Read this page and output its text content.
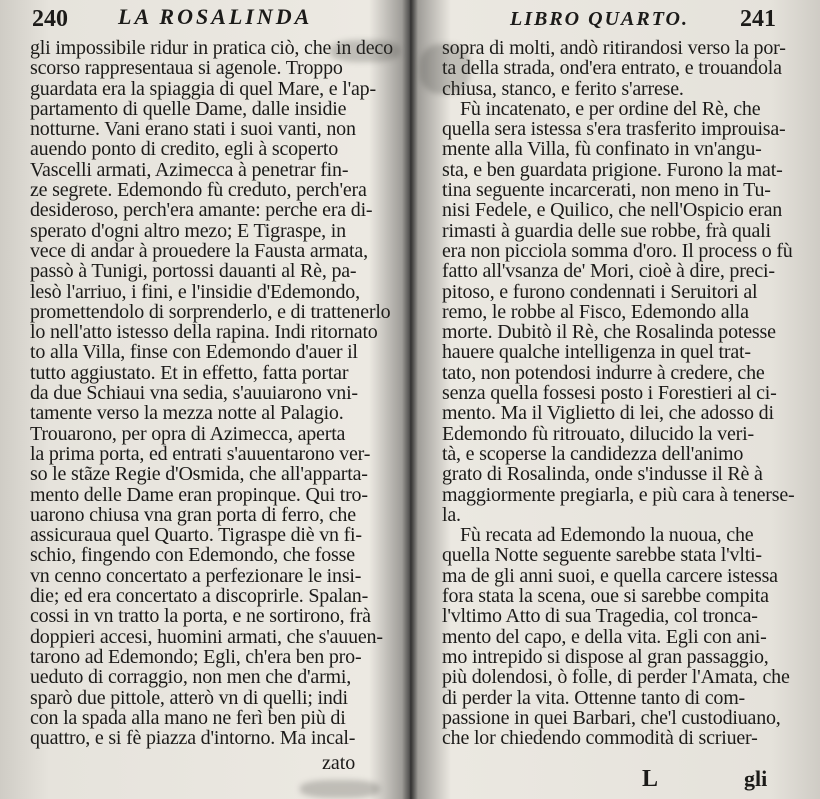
240 LA ROSALINDA
gli impossibile ridur in pratica ciò, che in deco
scorso rappresentaua si agenole. Troppo
guardata era la spiaggia di quel Mare, e l'ap-
partamento di quelle Dame, dalle insidie
notturne. Vani erano stati i suoi vanti, non
auendo ponto di credito, egli à scoperto
Vascelli armati, Azimecca à penetrar fin-
ze segrete. Edemondo fù creduto, perch'era
desideroso, perch'era amante: perche era di-
sperato d'ogni altro mezo; E Tigraspe, in
vece di andar à prouedere la Fausta armata,
passò à Tunigi, portossi dauanti al Rè, pa-
lesò l'arriuo, i fini, e l'insidie d'Edemondo,
promettendolo di sorprenderlo, e di trattenerlo
lo nell'atto istesso della rapina. Indi ritornato
to alla Villa, finse con Edemondo d'auer il
tutto aggiustato. Et in effetto, fatta portar
da due Schiaui vna sedia, s'auuiarono vni-
tamente verso la mezza notte al Palagio.
Trouarono, per opra di Azimecca, aperta
la prima porta, ed entrati s'auuentarono ver-
so le stãze Regie d'Osmida, che all'apparta-
mento delle Dame eran propinque. Qui tro-
uarono chiusa vna gran porta di ferro, che
assicuraua quel Quarto. Tigraspe diè vn fi-
schio, fingendo con Edemondo, che fosse
vn cenno concertato a perfezionare le insi-
die; ed era concertato a discoprirle. Spalan-
cossi in vn tratto la porta, e ne sortirono, frà
doppieri accesi, huomini armati, che s'auuen-
tarono ad Edemondo; Egli, ch'era ben pro-
ueduto di corraggio, non men che d'armi,
sparò due pittole, atterò vn di quelli; indi
con la spada alla mano ne ferì ben più di
quattro, e si fè piazza d'intorno. Ma incal-
zato
LIBRO QUARTO. 241
sopra di molti, andò ritirandosi verso la por-
ta della strada, ond'era entrato, e trouandola
chiusa, stanco, e ferito s'arrese.
Fù incatenato, e per ordine del Rè, che
quella sera istessa s'era trasferito improuisa-
mente alla Villa, fù confinato in vn'angu-
sta, e ben guardata prigione. Furono la mat-
tina seguente incarcerati, non meno in Tu-
nisi Fedele, e Quilico, che nell'Ospicio eran
rimasti à guardia delle sue robbe, frà quali
era non picciola somma d'oro. Il process o fù
fatto all'vsanza de' Mori, cioè à dire, preci-
pitoso, e furono condennati i Seruitori al
remo, le robbe al Fisco, Edemondo alla
morte. Dubitò il Rè, che Rosalinda potesse
hauere qualche intelligenza in quel trat-
tato, non potendosi indurre à credere, che
senza quella fossesi posto i Forestieri al ci-
mento. Ma il Viglietto di lei, che adosso di
Edemondo fù ritrouato, dilucido la veri-
tà, e scoperse la candidezza dell'animo
grato di Rosalinda, onde s'indusse il Rè à
maggiormente pregiarla, e più cara à tenerse-
la.
Fù recata ad Edemondo la nuoua, che
quella Notte seguente sarebbe stata l'vlti-
ma de gli anni suoi, e quella carcere istessa
fora stata la scena, oue si sarebbe compita
l'vltimo Atto di sua Tragedia, col tronca-
mento del capo, e della vita. Egli con ani-
mo intrepido si dispose al gran passaggio,
più dolendosi, ò folle, di perder l'Amata, che
di perder la vita. Ottenne tanto di com-
passione in quei Barbari, che'l custodiuano,
che lor chiedendo commodità di scriuer-
L	gli
